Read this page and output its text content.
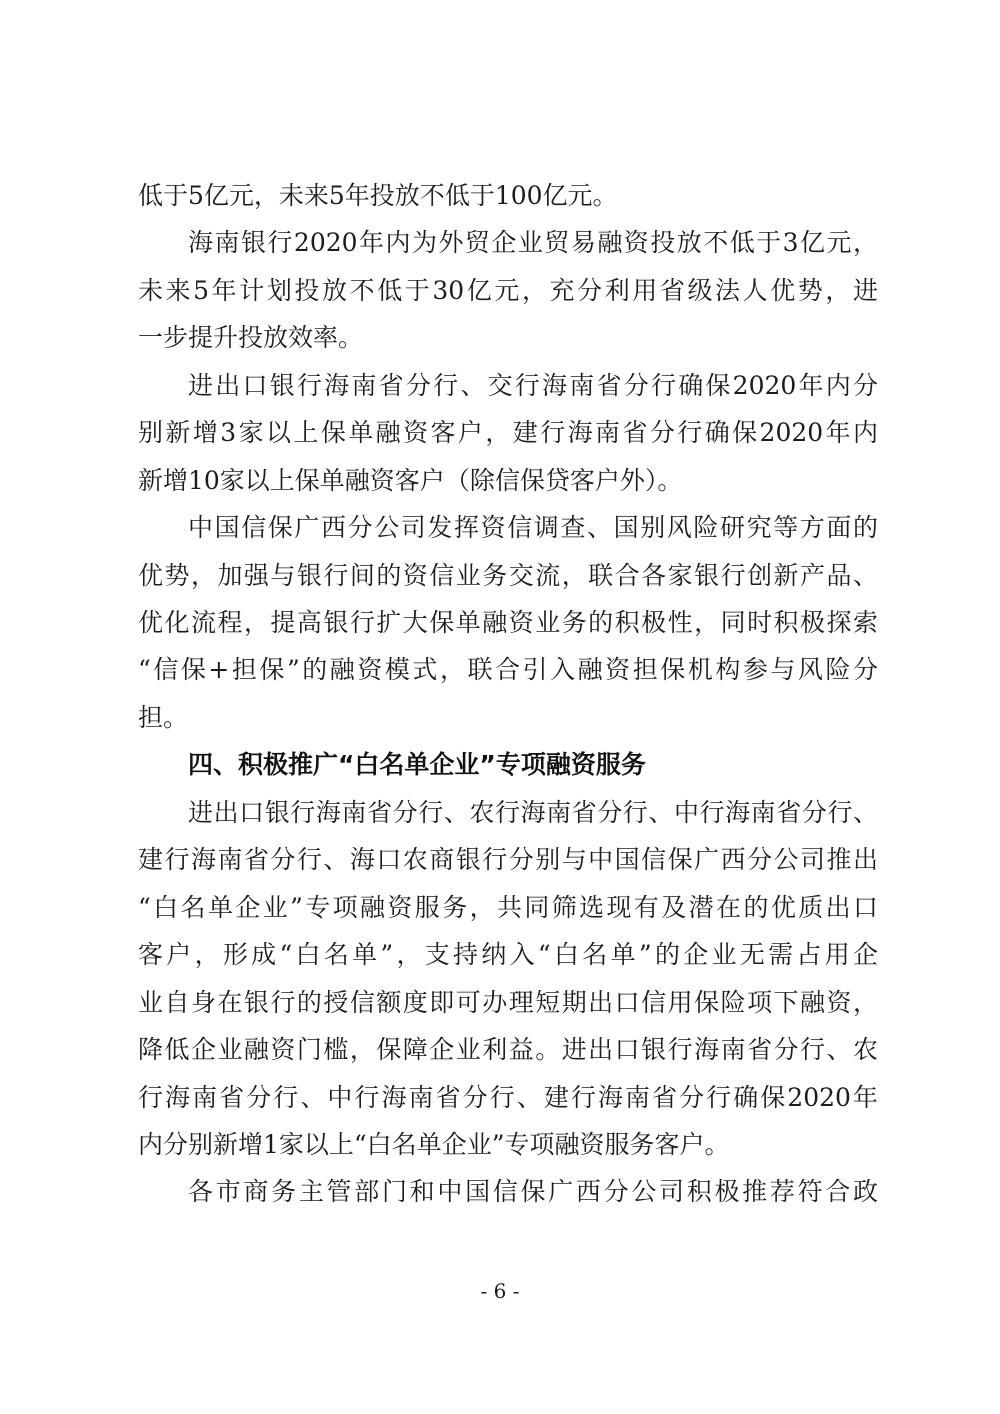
低于5亿元，未来5年投放不低于100亿元。
海南银行2020年内为外贸企业贸易融资投放不低于3亿元，
未来5年计划投放不低于30亿元，充分利用省级法人优势，进
一步提升投放效率。
进出口银行海南省分行、交行海南省分行确保2020年内分
别新增3家以上保单融资客户，建行海南省分行确保2020年内
新增10家以上保单融资客户（除信保贷客户外）。
中国信保广西分公司发挥资信调查、国别风险研究等方面的
优势，加强与银行间的资信业务交流，联合各家银行创新产品、
优化流程，提高银行扩大保单融资业务的积极性，同时积极探索
“信保+担保”的融资模式，联合引入融资担保机构参与风险分
担。
四、积极推广“白名单企业”专项融资服务
进出口银行海南省分行、农行海南省分行、中行海南省分行、
建行海南省分行、海口农商银行分别与中国信保广西分公司推出
“白名单企业”专项融资服务，共同筛选现有及潜在的优质出口
客户，形成“白名单”，支持纳入“白名单”的企业无需占用企
业自身在银行的授信额度即可办理短期出口信用保险项下融资，
降低企业融资门槛，保障企业利益。进出口银行海南省分行、农
行海南省分行、中行海南省分行、建行海南省分行确保2020年
内分别新增1家以上“白名单企业”专项融资服务客户。
各市商务主管部门和中国信保广西分公司积极推荐符合政
- 6 -
